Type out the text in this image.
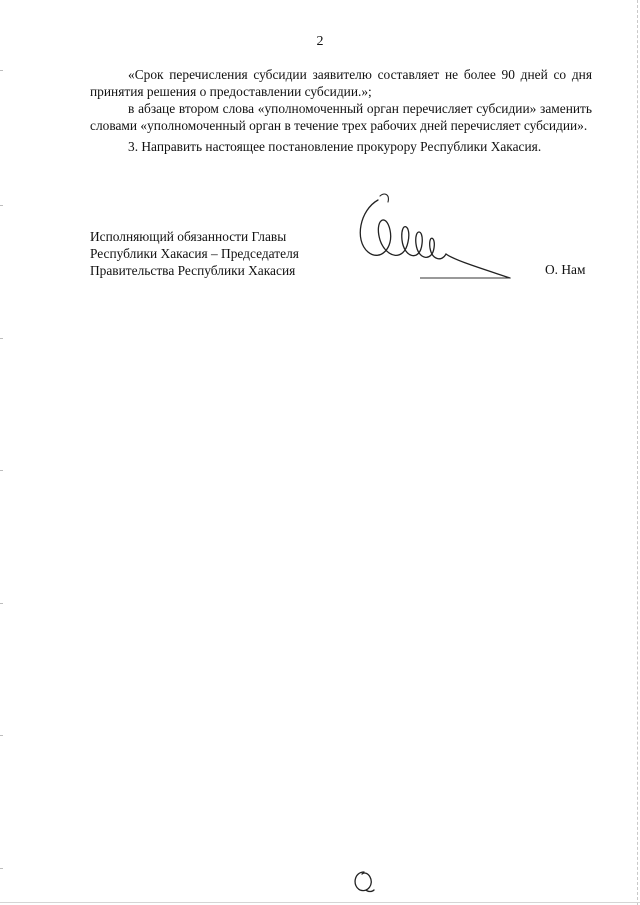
2

«Срок перечисления субсидии заявителю составляет не более 90 дней со дня принятия решения о предоставлении субсидии.»;

в абзаце втором слова «уполномоченный орган перечисляет субсидии» заменить словами «уполномоченный орган в течение трех рабочих дней перечисляет субсидии».

3. Направить настоящее постановление прокурору Республики Хакасия.

Исполняющий обязанности Главы
Республики Хакасия – Председателя
Правительства Республики Хакасия	О. Нам
